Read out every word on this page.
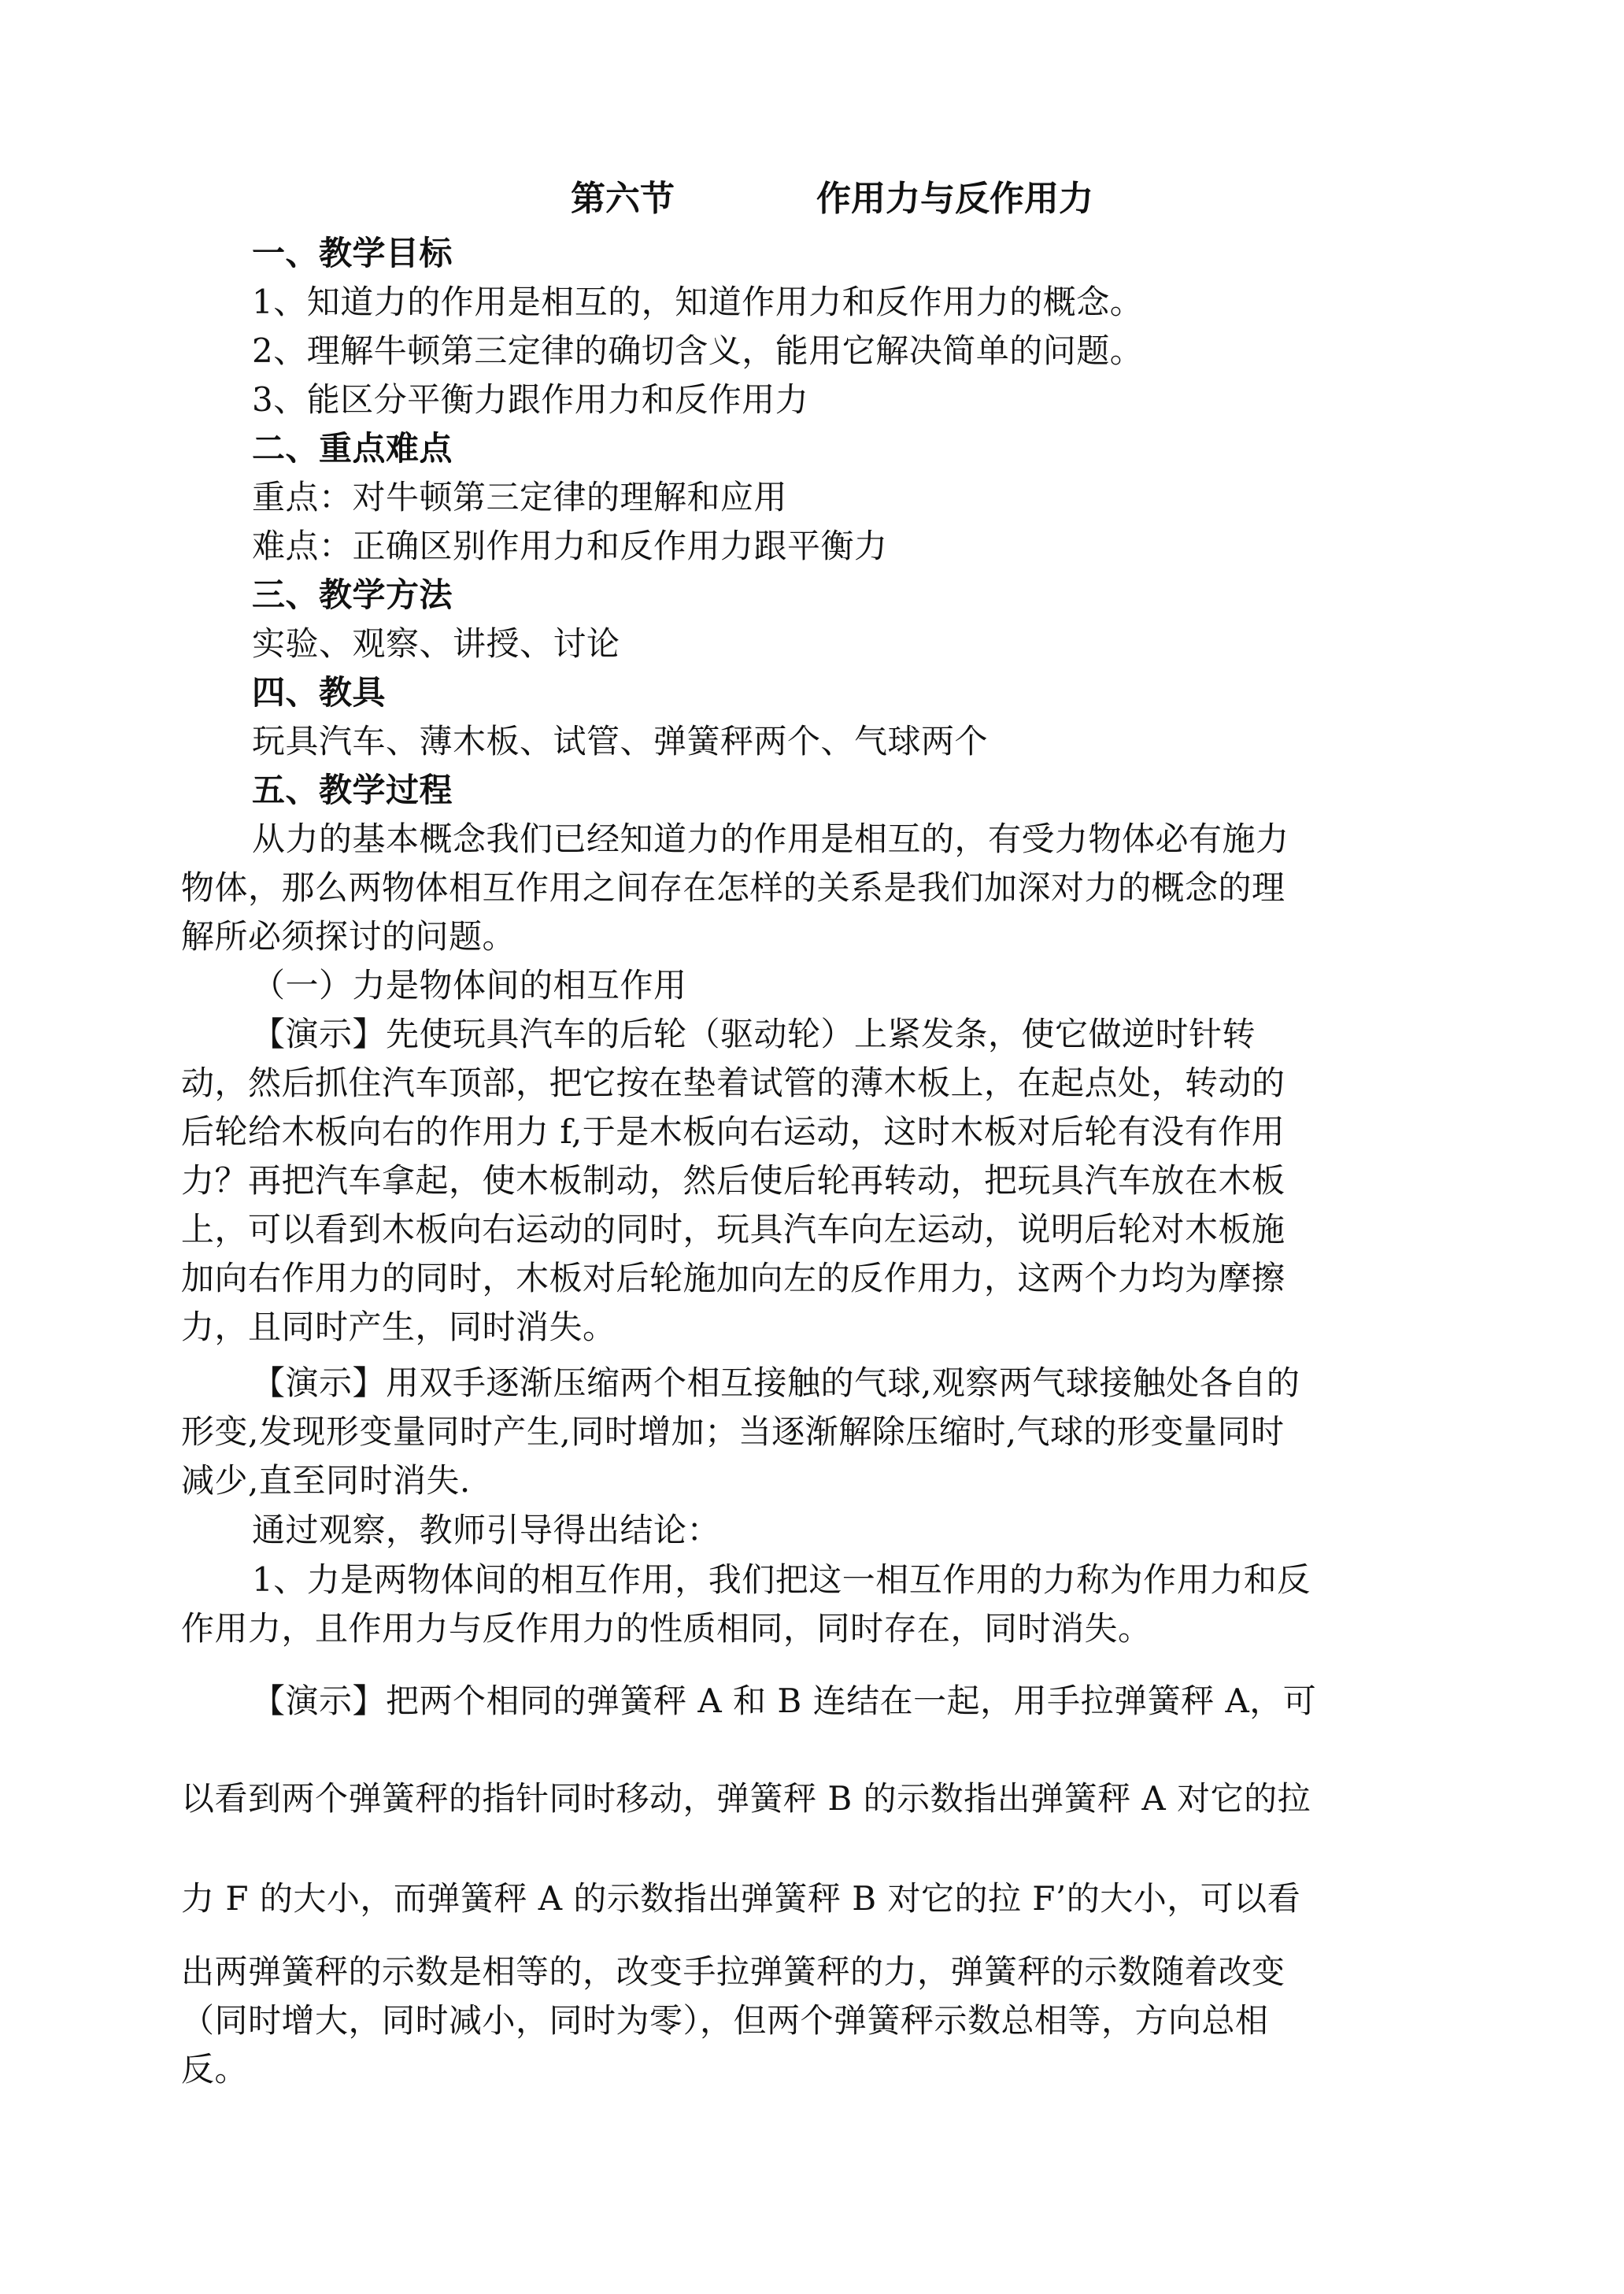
第六节	作用力与反作用力
一、教学目标
1、知道力的作用是相互的，知道作用力和反作用力的概念。
2、理解牛顿第三定律的确切含义，能用它解决简单的问题。
3、能区分平衡力跟作用力和反作用力
二、重点难点
重点：对牛顿第三定律的理解和应用
难点：正确区别作用力和反作用力跟平衡力
三、教学方法
实验、观察、讲授、讨论
四、教具
玩具汽车、薄木板、试管、弹簧秤两个、气球两个
五、教学过程
从力的基本概念我们已经知道力的作用是相互的，有受力物体必有施力
物体，那么两物体相互作用之间存在怎样的关系是我们加深对力的概念的理
解所必须探讨的问题。
（一）力是物体间的相互作用
【演示】先使玩具汽车的后轮（驱动轮）上紧发条，使它做逆时针转
动，然后抓住汽车顶部，把它按在垫着试管的薄木板上，在起点处，转动的
后轮给木板向右的作用力 f,于是木板向右运动，这时木板对后轮有没有作用
力？再把汽车拿起，使木板制动，然后使后轮再转动，把玩具汽车放在木板
上，可以看到木板向右运动的同时，玩具汽车向左运动，说明后轮对木板施
加向右作用力的同时，木板对后轮施加向左的反作用力，这两个力均为摩擦
力，且同时产生，同时消失。
【演示】用双手逐渐压缩两个相互接触的气球,观察两气球接触处各自的
形变,发现形变量同时产生,同时增加；当逐渐解除压缩时,气球的形变量同时
减少,直至同时消失.
通过观察，教师引导得出结论：
1、力是两物体间的相互作用，我们把这一相互作用的力称为作用力和反
作用力，且作用力与反作用力的性质相同，同时存在，同时消失。
【演示】把两个相同的弹簧秤 A 和 B 连结在一起，用手拉弹簧秤 A，可
以看到两个弹簧秤的指针同时移动，弹簧秤 B 的示数指出弹簧秤 A 对它的拉
力 F 的大小，而弹簧秤 A 的示数指出弹簧秤 B 对它的拉 F’的大小，可以看
出两弹簧秤的示数是相等的，改变手拉弹簧秤的力，弹簧秤的示数随着改变
（同时增大，同时减小，同时为零），但两个弹簧秤示数总相等，方向总相
反。
